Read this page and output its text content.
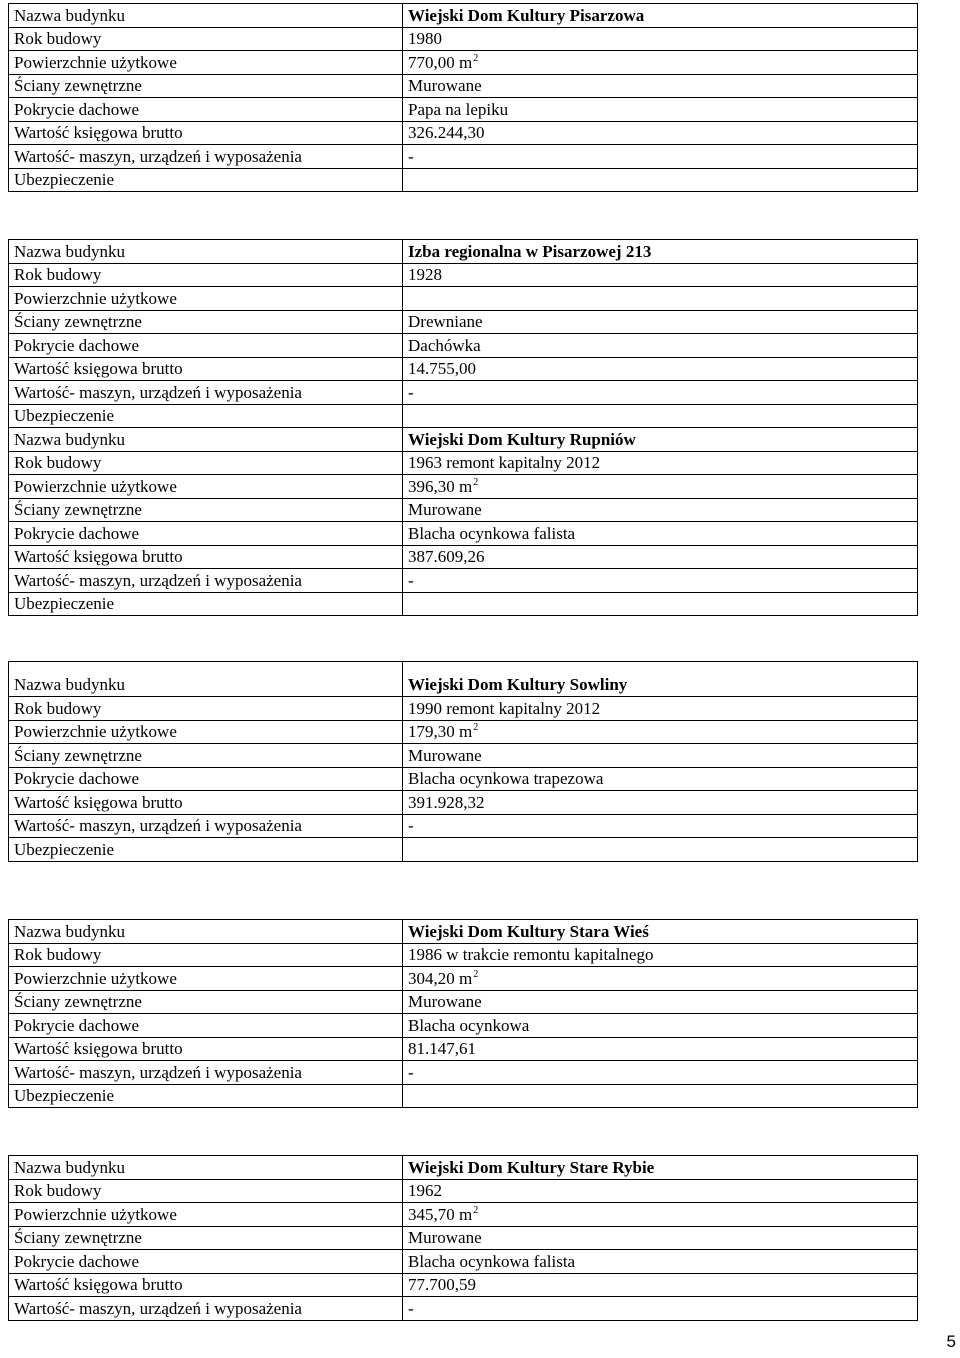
Nazwa budynku	Wiejski Dom Kultury Pisarzowa
Rok budowy	1980
Powierzchnie użytkowe	770,00 $m^2$
Ściany zewnętrzne	Murowane
Pokrycie dachowe	Papa na lepiku
Wartość księgowa brutto	326.244,30
Wartość- maszyn, urządzeń i wyposażenia	-
Ubezpieczenie	
Nazwa budynku	Izba regionalna w Pisarzowej 213
Rok budowy	1928
Powierzchnie użytkowe	
Ściany zewnętrzne	Drewniane
Pokrycie dachowe	Dachówka
Wartość księgowa brutto	14.755,00
Wartość- maszyn, urządzeń i wyposażenia	-
Ubezpieczenie	
Nazwa budynku	Wiejski Dom Kultury Rupniów
Rok budowy	1963 remont kapitalny 2012
Powierzchnie użytkowe	396,30 $m^2$
Ściany zewnętrzne	Murowane
Pokrycie dachowe	Blacha ocynkowa falista
Wartość księgowa brutto	387.609,26
Wartość- maszyn, urządzeń i wyposażenia	-
Ubezpieczenie	
Nazwa budynku	Wiejski Dom Kultury Sowliny
Rok budowy	1990 remont kapitalny 2012
Powierzchnie użytkowe	179,30 $m^2$
Ściany zewnętrzne	Murowane
Pokrycie dachowe	Blacha ocynkowa trapezowa
Wartość księgowa brutto	391.928,32
Wartość- maszyn, urządzeń i wyposażenia	-
Ubezpieczenie	
Nazwa budynku	Wiejski Dom Kultury Stara Wieś
Rok budowy	1986 w trakcie remontu kapitalnego
Powierzchnie użytkowe	304,20 $m^2$
Ściany zewnętrzne	Murowane
Pokrycie dachowe	Blacha ocynkowa
Wartość księgowa brutto	81.147,61
Wartość- maszyn, urządzeń i wyposażenia	-
Ubezpieczenie	
Nazwa budynku	Wiejski Dom Kultury Stare Rybie
Rok budowy	1962
Powierzchnie użytkowe	345,70 $m^2$
Ściany zewnętrzne	Murowane
Pokrycie dachowe	Blacha ocynkowa falista
Wartość księgowa brutto	77.700,59
Wartość- maszyn, urządzeń i wyposażenia	-
5
